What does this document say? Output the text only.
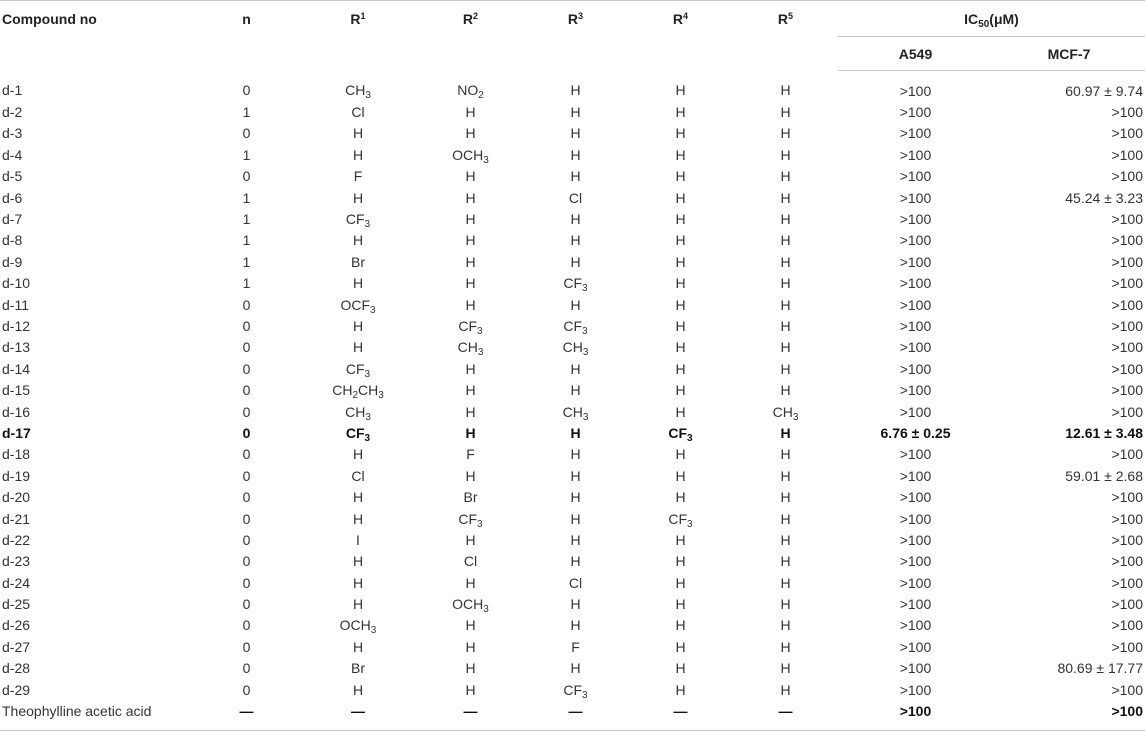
Compound no	n	$R^1$	$R^2$	$R^3$	$R^4$	$R^5$	$IC_{50}(\mu M)$	
							A549	MCF-7
d-1	0	$CH_3$	$NO_2$	H	H	H	>100	60.97 ± 9.74
d-2	1	Cl	H	H	H	H	>100	>100
d-3	0	H	H	H	H	H	>100	>100
d-4	1	H	$OCH_3$	H	H	H	>100	>100
d-5	0	F	H	H	H	H	>100	>100
d-6	1	H	H	Cl	H	H	>100	45.24 ± 3.23
d-7	1	$CF_3$	H	H	H	H	>100	>100
d-8	1	H	H	H	H	H	>100	>100
d-9	1	Br	H	H	H	H	>100	>100
d-10	1	H	H	$CF_3$	H	H	>100	>100
d-11	0	$OCF_3$	H	H	H	H	>100	>100
d-12	0	H	$CF_3$	$CF_3$	H	H	>100	>100
d-13	0	H	$CH_3$	$CH_3$	H	H	>100	>100
d-14	0	$CF_3$	H	H	H	H	>100	>100
d-15	0	$CH_2CH_3$	H	H	H	H	>100	>100
d-16	0	$CH_3$	H	$CH_3$	H	$CH_3$	>100	>100
d-17	0	$CF_3$	H	H	$CF_3$	H	6.76 ± 0.25	12.61 ± 3.48
d-18	0	H	F	H	H	H	>100	>100
d-19	0	Cl	H	H	H	H	>100	59.01 ± 2.68
d-20	0	H	Br	H	H	H	>100	>100
d-21	0	H	$CF_3$	H	$CF_3$	H	>100	>100
d-22	0	I	H	H	H	H	>100	>100
d-23	0	H	Cl	H	H	H	>100	>100
d-24	0	H	H	Cl	H	H	>100	>100
d-25	0	H	$OCH_3$	H	H	H	>100	>100
d-26	0	$OCH_3$	H	H	H	H	>100	>100
d-27	0	H	H	F	H	H	>100	>100
d-28	0	Br	H	H	H	H	>100	80.69 ± 17.77
d-29	0	H	H	$CF_3$	H	H	>100	>100
Theophylline acetic acid	—	—	—	—	—	—	>100	>100
